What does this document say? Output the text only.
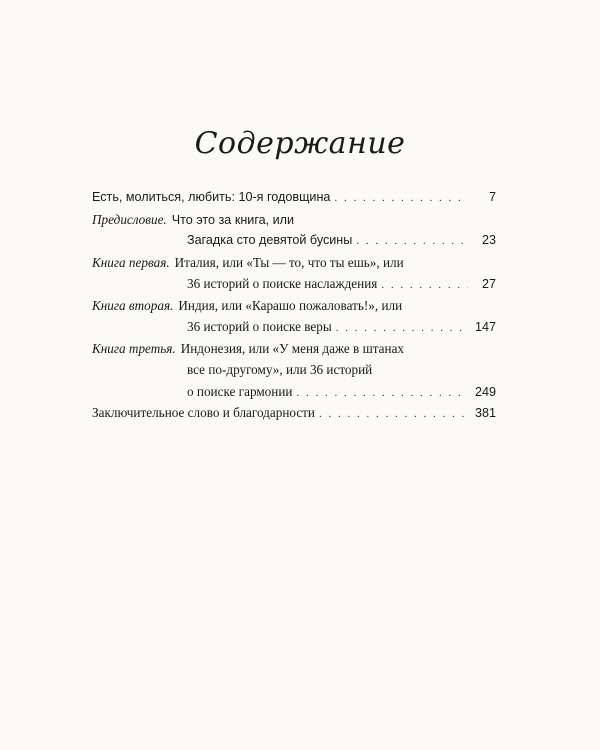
Содержание
Есть, молиться, любить: 10-я годовщина . . .	7
Предисловие. Что это за книга, или
Загадка сто девятой бусины . . .	23
Книга первая. Италия, или «Ты — то, что ты ешь», или
36 историй о поиске наслаждения . . .	27
Книга вторая. Индия, или «Карашо пожаловать!», или
36 историй о поиске веры . . .	147
Книга третья. Индонезия, или «У меня даже в штанах
все по-другому», или 36 историй
о поиске гармонии . . .	249
Заключительное слово и благодарности . . .	381
